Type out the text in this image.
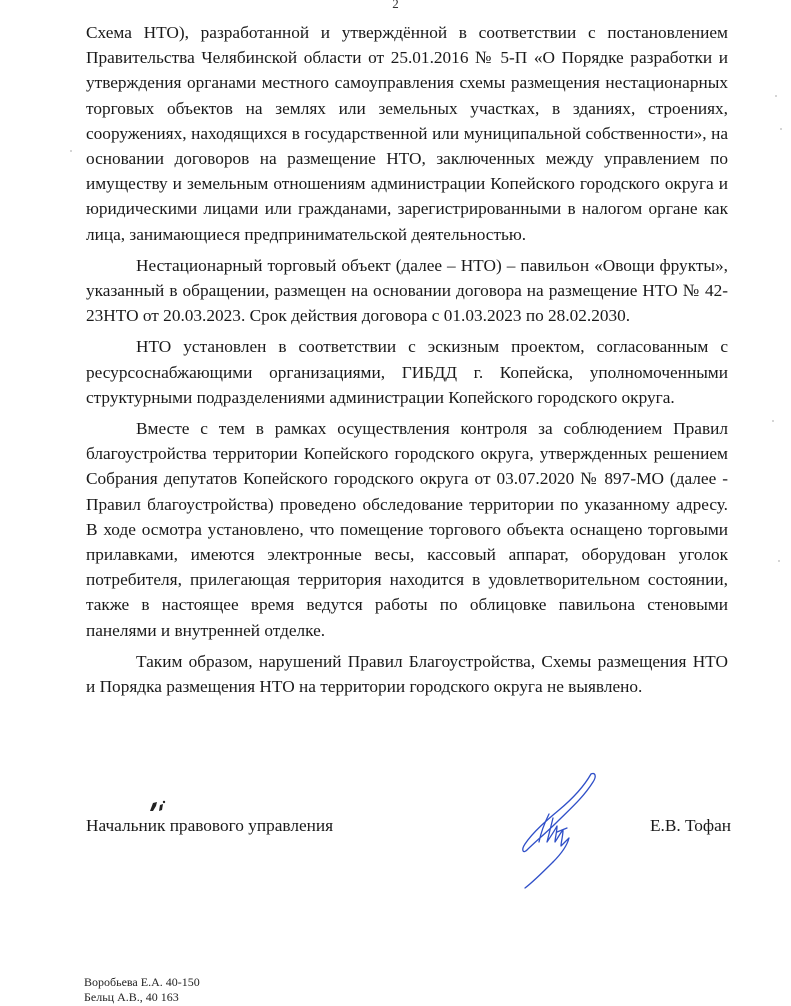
2

Схема НТО), разработанной и утверждённой в соответствии с постановлением Правительства Челябинской области от 25.01.2016 № 5-П «О Порядке разработки и утверждения органами местного самоуправления схемы размещения нестационарных торговых объектов на землях или земельных участках, в зданиях, строениях, сооружениях, находящихся в государственной или муниципальной собственности», на основании договоров на размещение НТО, заключенных между управлением по имуществу и земельным отношениям администрации Копейского городского округа и юридическими лицами или гражданами, зарегистрированными в налогом органе как лица, занимающиеся предпринимательской деятельностью.

Нестационарный торговый объект (далее – НТО) – павильон «Овощи фрукты», указанный в обращении, размещен на основании договора на размещение НТО № 42-23НТО от 20.03.2023. Срок действия договора с 01.03.2023 по 28.02.2030.

НТО установлен в соответствии с эскизным проектом, согласованным с ресурсоснабжающими организациями, ГИБДД г. Копейска, уполномоченными структурными подразделениями администрации Копейского городского округа.

Вместе с тем в рамках осуществления контроля за соблюдением Правил благоустройства территории Копейского городского округа, утвержденных решением Собрания депутатов Копейского городского округа от 03.07.2020 № 897-МО (далее - Правил благоустройства) проведено обследование территории по указанному адресу. В ходе осмотра установлено, что помещение торгового объекта оснащено торговыми прилавками, имеются электронные весы, кассовый аппарат, оборудован уголок потребителя, прилегающая территория находится в удовлетворительном состоянии, также в настоящее время ведутся работы по облицовке павильона стеновыми панелями и внутренней отделке.

Таким образом, нарушений Правил Благоустройства, Схемы размещения НТО и Порядка размещения НТО на территории городского округа не выявлено.

Начальник правового управления	Е.В. Тофан
Воробьева Е.А. 40-150
Бельц А.В., 40 163
